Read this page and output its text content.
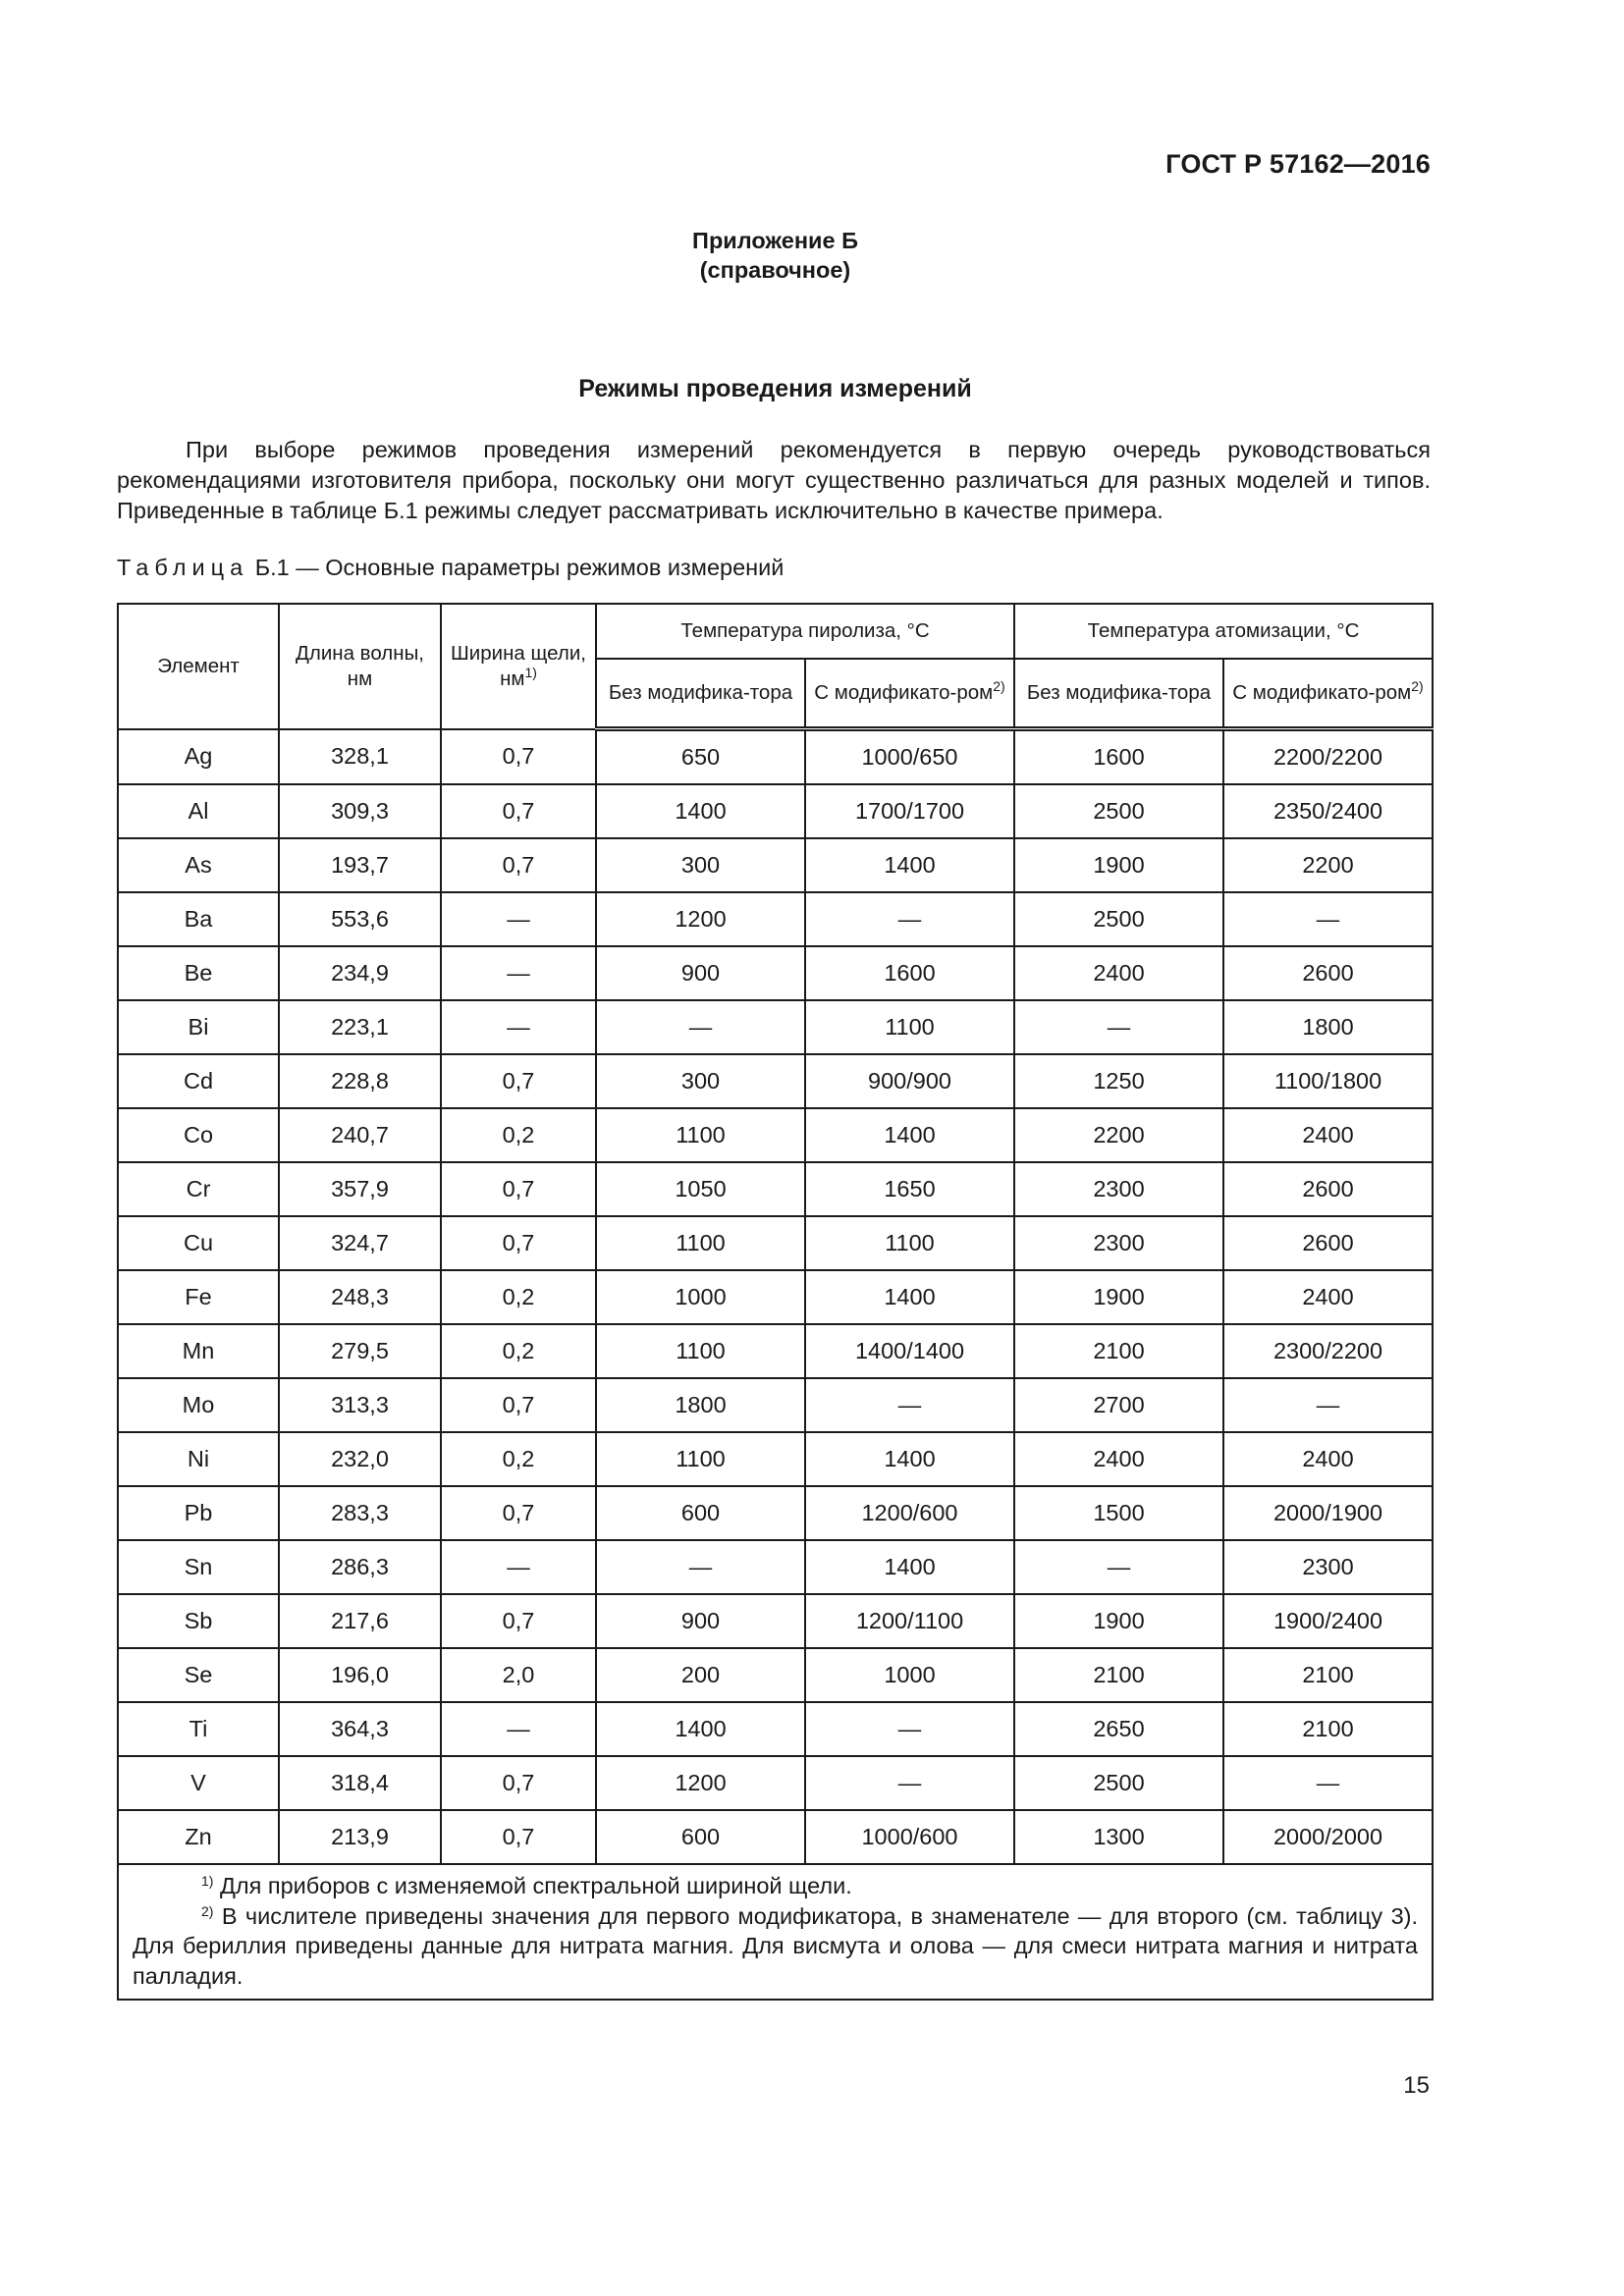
ГОСТ Р 57162—2016
Приложение Б
(справочное)
Режимы проведения измерений

При выборе режимов проведения измерений рекомендуется в первую очередь руководствоваться рекомендациями изготовителя прибора, поскольку они могут существенно различаться для разных моделей и типов. Приведенные в таблице Б.1 режимы следует рассматривать исключительно в качестве примера.

Таблица Б.1 — Основные параметры режимов измерений
Элемент	Длина волны, нм	Ширина щели, $нм^{1)}$	Температура пиролиза, °С		Температура атомизации, °С	
			Без модифика-тора	С модификато-ром$^{2)}$	Без модифика-тора	С модификато-ром$^{2)}$
Ag	328,1	0,7	650	1000/650	1600	2200/2200
Al	309,3	0,7	1400	1700/1700	2500	2350/2400
As	193,7	0,7	300	1400	1900	2200
Ba	553,6	—	1200	—	2500	—
Be	234,9	—	900	1600	2400	2600
Bi	223,1	—	—	1100	—	1800
Cd	228,8	0,7	300	900/900	1250	1100/1800
Co	240,7	0,2	1100	1400	2200	2400
Cr	357,9	0,7	1050	1650	2300	2600
Cu	324,7	0,7	1100	1100	2300	2600
Fe	248,3	0,2	1000	1400	1900	2400
Mn	279,5	0,2	1100	1400/1400	2100	2300/2200
Mo	313,3	0,7	1800	—	2700	—
Ni	232,0	0,2	1100	1400	2400	2400
Pb	283,3	0,7	600	1200/600	1500	2000/1900
Sn	286,3	—	—	1400	—	2300
Sb	217,6	0,7	900	1200/1100	1900	1900/2400
Se	196,0	2,0	200	1000	2100	2100
Ti	364,3	—	1400	—	2650	2100
V	318,4	0,7	1200	—	2500	—
Zn	213,9	0,7	600	1000/600	1300	2000/2000

$^{1)}$ Для приборов с изменяемой спектральной шириной щели.

$^{2)}$ В числителе приведены значения для первого модификатора, в знаменателе — для второго (см. таблицу 3). Для бериллия приведены данные для нитрата магния. Для висмута и олова — для смеси нитрата магния и нитрата палладия.						

15
